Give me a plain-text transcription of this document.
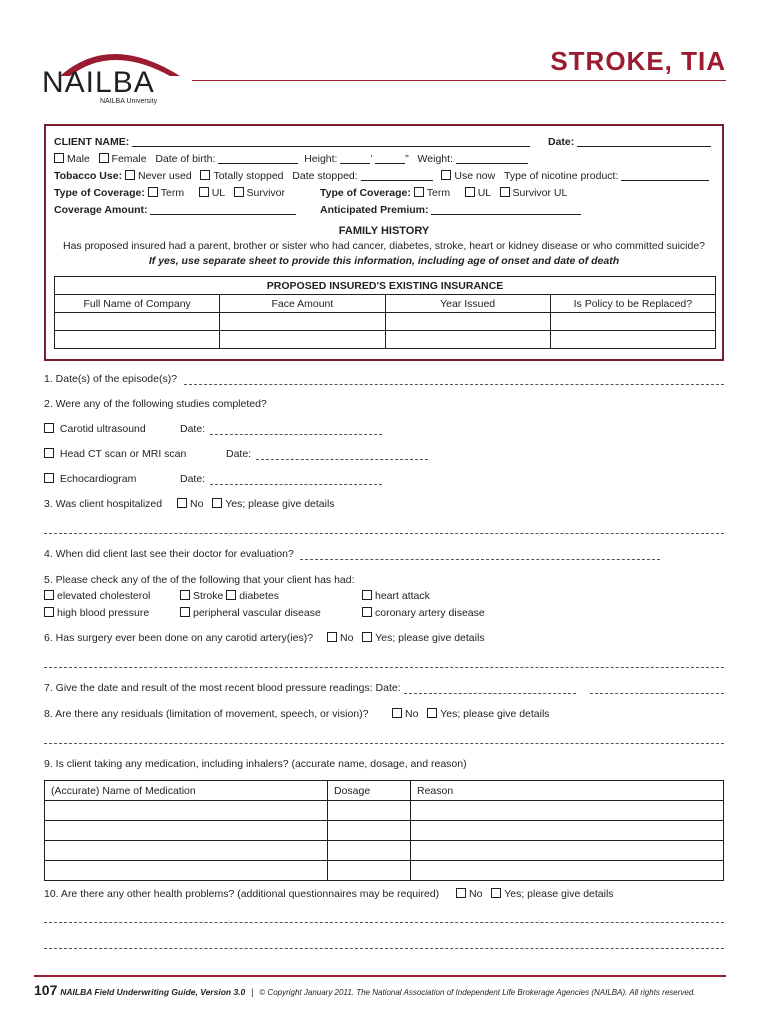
NAILBA
NAILBA University
STROKE, TIA
CLIENT NAME:	Date:
Male Female Date of birth:	Height:	’	” Weight:
Tobacco Use: Never used Totally stopped Date stopped:	Use now Type of nicotine product:
Type of Coverage: Term	UL Survivor	Type of Coverage: Term	UL Survivor UL
Coverage Amount:	Anticipated Premium:
FAMILY HISTORY
Has proposed insured had a parent, brother or sister who had cancer, diabetes, stroke, heart or kidney disease or who committed suicide?
If yes, use separate sheet to provide this information, including age of onset and date of death
PROPOSED INSURED'S EXISTING INSURANCE			
Full Name of Company	Face Amount	Year Issued	Is Policy to be Replaced?

1. Date(s) of the episode(s)?
2. Were any of the following studies completed?
Carotid ultrasound	Date:
Head CT scan or MRI scan	Date:
Echocardiogram	Date:
3. Was client hospitalized	No Yes; please give details
4. When did client last see their doctor for evaluation?
5. Please check any of the of the following that your client has had:
elevated cholesterol	Stroke diabetes	heart attack
high blood pressure	peripheral vascular disease	coronary artery disease
6. Has surgery ever been done on any carotid artery(ies)?	No Yes; please give details
7. Give the date and result of the most recent blood pressure readings: Date:
8. Are there any residuals (limitation of movement, speech, or vision)?	No Yes; please give details
9. Is client taking any medication, including inhalers? (accurate name, dosage, and reason)
(Accurate) Name of Medication	Dosage	Reason

10. Are there any other health problems? (additional questionnaires may be required)	No Yes; please give details
107 NAILBA Field Underwriting Guide, Version 3.0 | © Copyright January 2011. The National Association of Independent Life Brokerage Agencies (NAILBA). All rights reserved.
